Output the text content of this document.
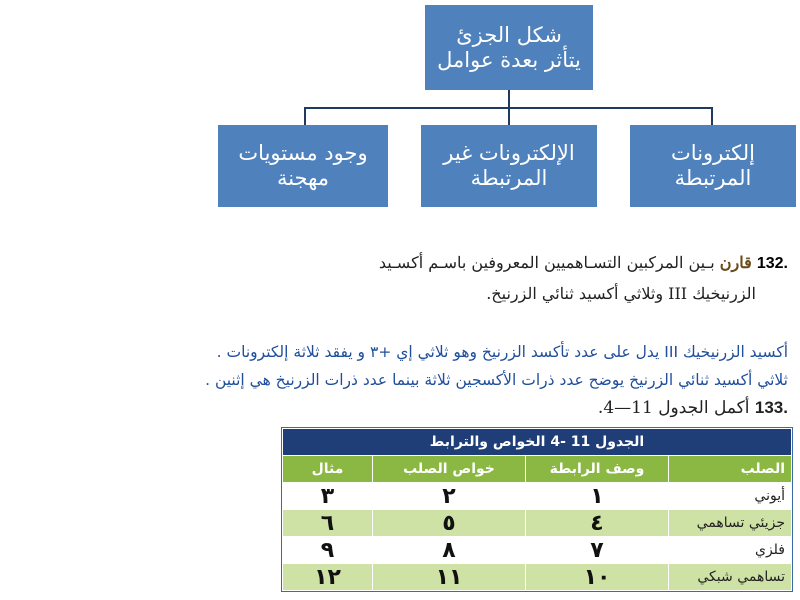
شكل الجزئ
يتأثر بعدة عوامل
وجود مستويات
مهجنة
الإلكترونات غير
المرتبطة
إلكترونات
المرتبطة
.132 قارن بـين المركبين التسـاهميين المعروفين باسـم أكسـيد
الزرنيخيك III وثلاثي أكسيد ثنائي الزرنيخ.
أكسيد الزرنيخيك III يدل على عدد تأكسد الزرنيخ وهو ثلاثي إي +٣ و يفقد ثلاثة إلكترونات .
ثلاثي أكسيد ثنائي الزرنيخ يوضح عدد ذرات الأكسجين ثلاثة بينما عدد ذرات الزرنيخ هي إثنين .
.133 أكمل الجدول 11—4.
الجدول 11 -4 الخواص والترابط			
الصلب	وصف الرابطة	خواص الصلب	مثال
أيوني	١	٢	٣
جزيئي تساهمي	٤	٥	٦
فلزي	٧	٨	٩
تساهمي شبكي	١٠	١١	١٢
